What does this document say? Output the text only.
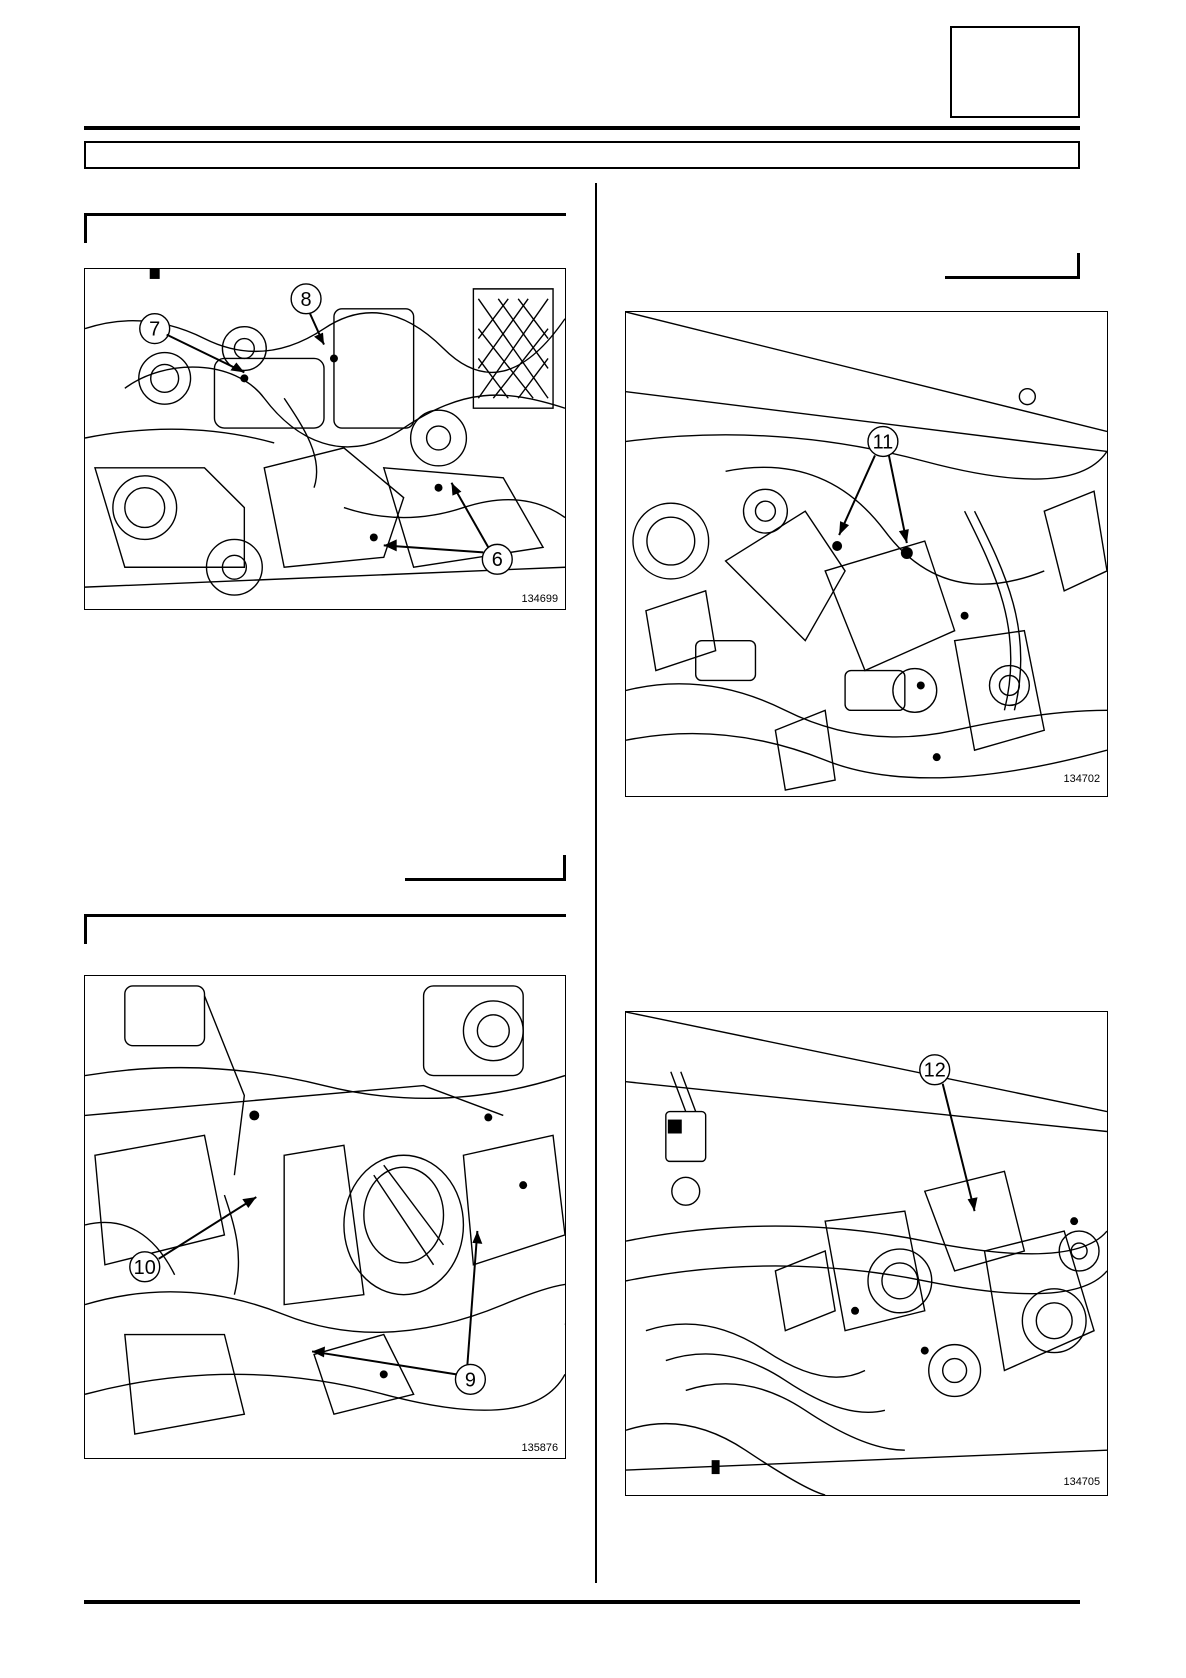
7
8
6
134699
10
9
135876
11
134702
12
134705
